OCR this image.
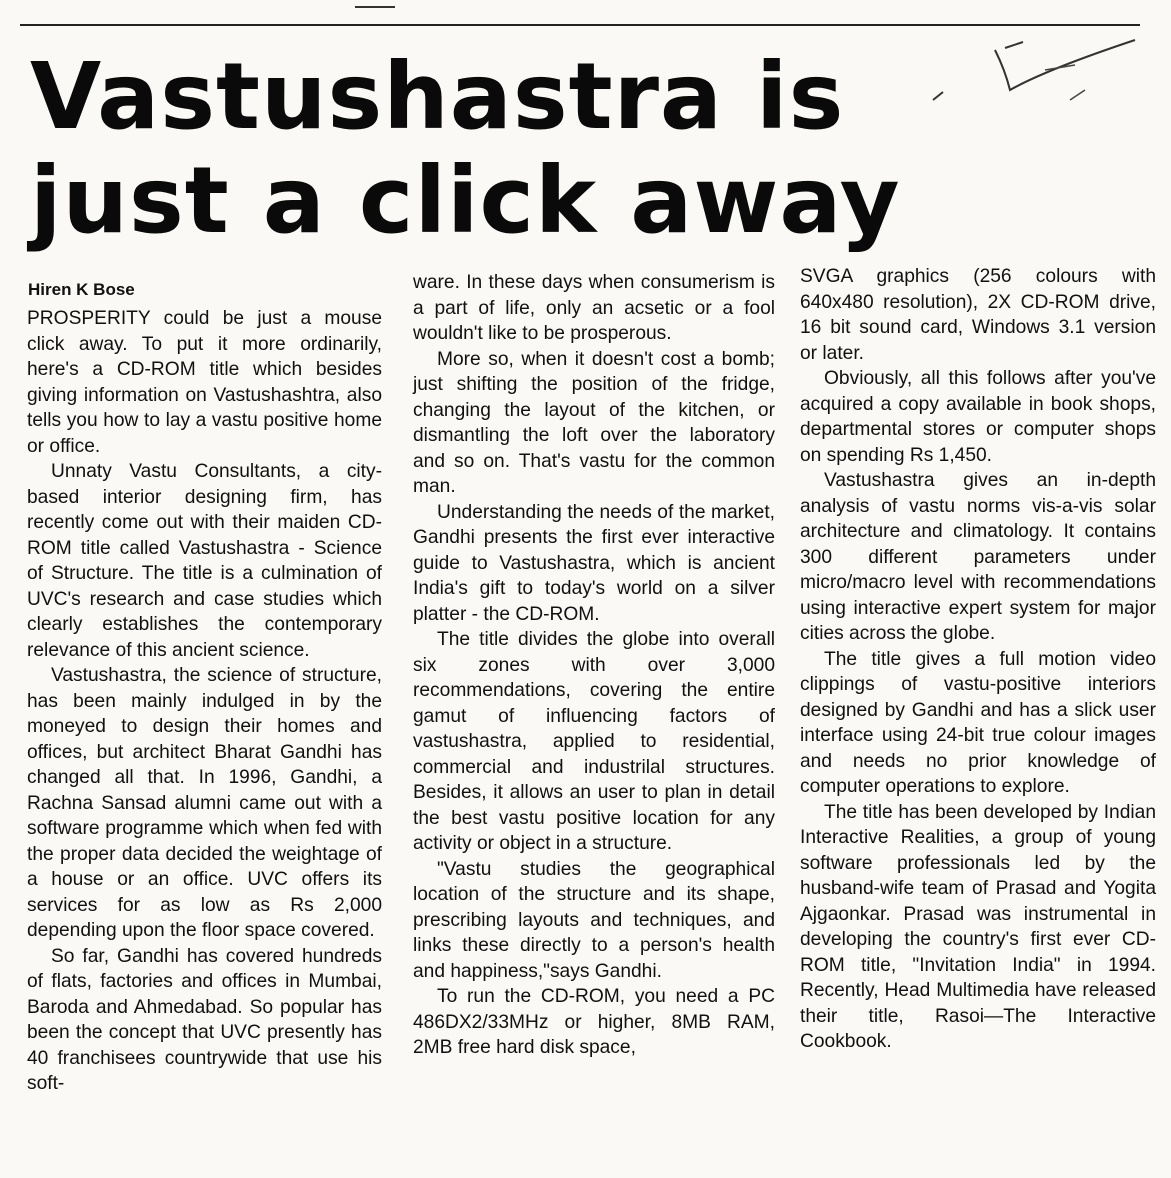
Vastushastra is
just a click away
Hiren K Bose

PROSPERITY could be just a mouse click away. To put it more ordinarily, here's a CD-ROM title which besides giving information on Vastushashtra, also tells you how to lay a vastu positive home or office.

Unnaty Vastu Consultants, a city-based interior designing firm, has recently come out with their maiden CD-ROM title called Vastushastra - Science of Structure. The title is a culmination of UVC's research and case studies which clearly establishes the contemporary relevance of this ancient science.

Vastushastra, the science of structure, has been mainly indulged in by the moneyed to design their homes and offices, but architect Bharat Gandhi has changed all that. In 1996, Gandhi, a Rachna Sansad alumni came out with a software programme which when fed with the proper data decided the weightage of a house or an office. UVC offers its services for as low as Rs 2,000 depending upon the floor space covered.

So far, Gandhi has covered hundreds of flats, factories and offices in Mumbai, Baroda and Ahmedabad. So popular has been the concept that UVC presently has 40 franchisees countrywide that use his soft-

ware. In these days when consumerism is a part of life, only an acsetic or a fool wouldn't like to be prosperous.

More so, when it doesn't cost a bomb; just shifting the position of the fridge, changing the layout of the kitchen, or dismantling the loft over the laboratory and so on. That's vastu for the common man.

Understanding the needs of the market, Gandhi presents the first ever interactive guide to Vastushastra, which is ancient India's gift to today's world on a silver platter - the CD-ROM.

The title divides the globe into overall six zones with over 3,000 recommendations, covering the entire gamut of influencing factors of vastushastra, applied to residential, commercial and industrilal structures. Besides, it allows an user to plan in detail the best vastu positive location for any activity or object in a structure.

"Vastu studies the geographical location of the structure and its shape, prescribing layouts and techniques, and links these directly to a person's health and happiness,"says Gandhi.

To run the CD-ROM, you need a PC 486DX2/33MHz or higher, 8MB RAM, 2MB free hard disk space,

SVGA graphics (256 colours with 640x480 resolution), 2X CD-ROM drive, 16 bit sound card, Windows 3.1 version or later.

Obviously, all this follows after you've acquired a copy available in book shops, departmental stores or computer shops on spending Rs 1,450.

Vastushastra gives an in-depth analysis of vastu norms vis-a-vis solar architecture and climatology. It contains 300 different parameters under micro/macro level with recommendations using interactive expert system for major cities across the globe.

The title gives a full motion video clippings of vastu-positive interiors designed by Gandhi and has a slick user interface using 24-bit true colour images and needs no prior knowledge of computer operations to explore.

The title has been developed by Indian Interactive Realities, a group of young software professionals led by the husband-wife team of Prasad and Yogita Ajgaonkar. Prasad was instrumental in developing the country's first ever CD-ROM title, "Invitation India" in 1994. Recently, Head Multimedia have released their title, Rasoi—The Interactive Cookbook.
